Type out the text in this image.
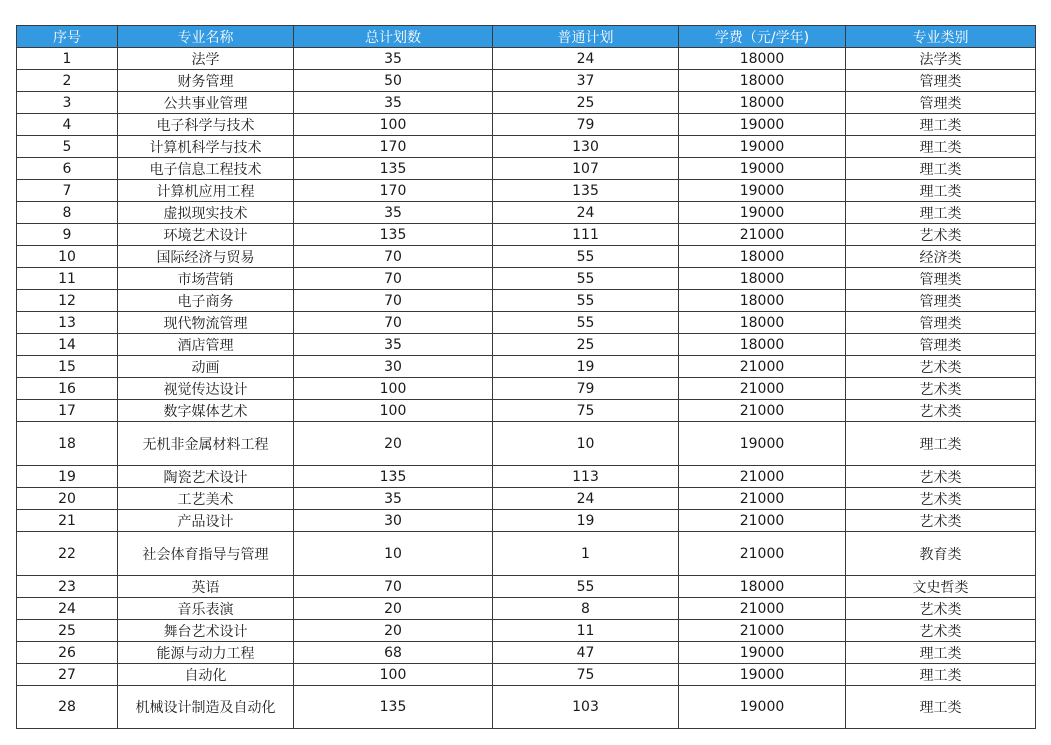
序号	专业名称	总计划数	普通计划	学费（元/学年)	专业类别
1	法学	35	24	18000	法学类
2	财务管理	50	37	18000	管理类
3	公共事业管理	35	25	18000	管理类
4	电子科学与技术	100	79	19000	理工类
5	计算机科学与技术	170	130	19000	理工类
6	电子信息工程技术	135	107	19000	理工类
7	计算机应用工程	170	135	19000	理工类
8	虚拟现实技术	35	24	19000	理工类
9	环境艺术设计	135	111	21000	艺术类
10	国际经济与贸易	70	55	18000	经济类
11	市场营销	70	55	18000	管理类
12	电子商务	70	55	18000	管理类
13	现代物流管理	70	55	18000	管理类
14	酒店管理	35	25	18000	管理类
15	动画	30	19	21000	艺术类
16	视觉传达设计	100	79	21000	艺术类
17	数字媒体艺术	100	75	21000	艺术类
18	无机非金属材料工程	20	10	19000	理工类
19	陶瓷艺术设计	135	113	21000	艺术类
20	工艺美术	35	24	21000	艺术类
21	产品设计	30	19	21000	艺术类
22	社会体育指导与管理	10	1	21000	教育类
23	英语	70	55	18000	文史哲类
24	音乐表演	20	8	21000	艺术类
25	舞台艺术设计	20	11	21000	艺术类
26	能源与动力工程	68	47	19000	理工类
27	自动化	100	75	19000	理工类
28	机械设计制造及自动化	135	103	19000	理工类
